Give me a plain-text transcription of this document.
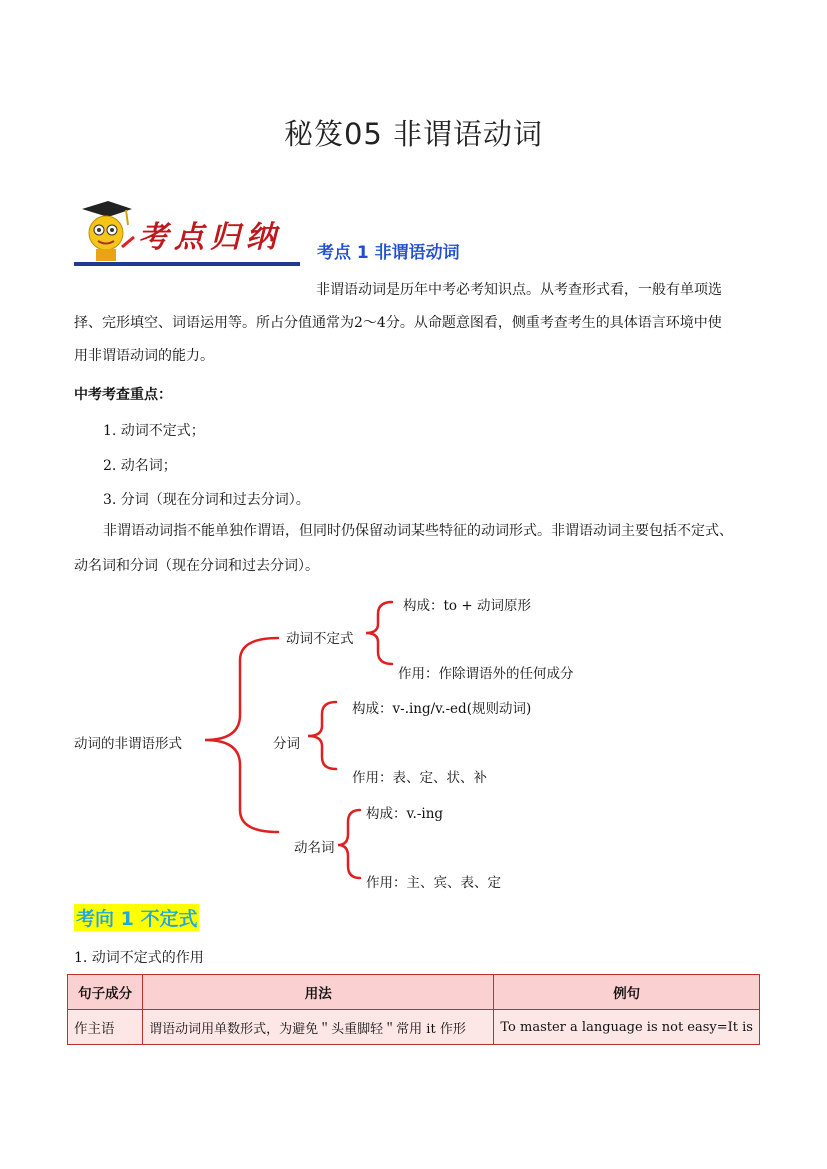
秘笈05 非谓语动词
考点归纳 考点 1 非谓语动词
非谓语动词是历年中考必考知识点。从考查形式看，一般有单项选
择、完形填空、词语运用等。所占分值通常为2～4分。从命题意图看，侧重考查考生的具体语言环境中使
用非谓语动词的能力。
中考考查重点：
1. 动词不定式；
2. 动名词；
3. 分词（现在分词和过去分词）。
非谓语动词指不能单独作谓语，但同时仍保留动词某些特征的动词形式。非谓语动词主要包括不定式、
动名词和分词（现在分词和过去分词）。
动词的非谓语形式
动词不定式
构成：to + 动词原形
作用：作除谓语外的任何成分
分词
构成：v-.ing/v.-ed(规则动词)
作用：表、定、状、补
动名词
构成：v.-ing
作用：主、宾、表、定
考向 1 不定式
1. 动词不定式的作用
句子成分	用法	例句
作主语	谓语动词用单数形式，为避免＂头重脚轻＂常用 it 作形	To master a language is not easy=It is
